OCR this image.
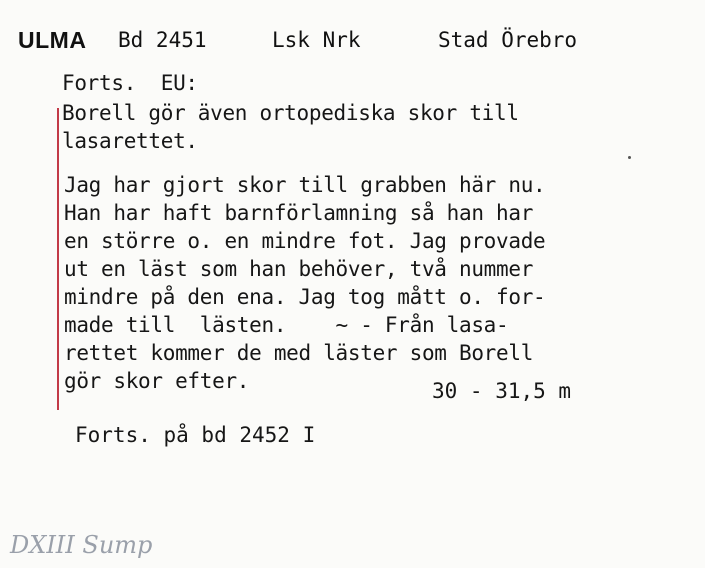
ULMA Bd 2451	Lsk Nrk	Stad Örebro
Forts.  EU:
Borell gör även ortopediska skor till
lasarettet.
Jag har gjort skor till grabben här nu.
Han har haft barnförlamning så han har
en större o. en mindre fot. Jag provade
ut en läst som han behöver, två nummer
mindre på den ena. Jag tog mått o. for-
made till  lästen.    ~ - Från lasa-
rettet kommer de med läster som Borell
gör skor efter.	30 - 31,5 m
Forts. på bd 2452 I
DXIII Sump
